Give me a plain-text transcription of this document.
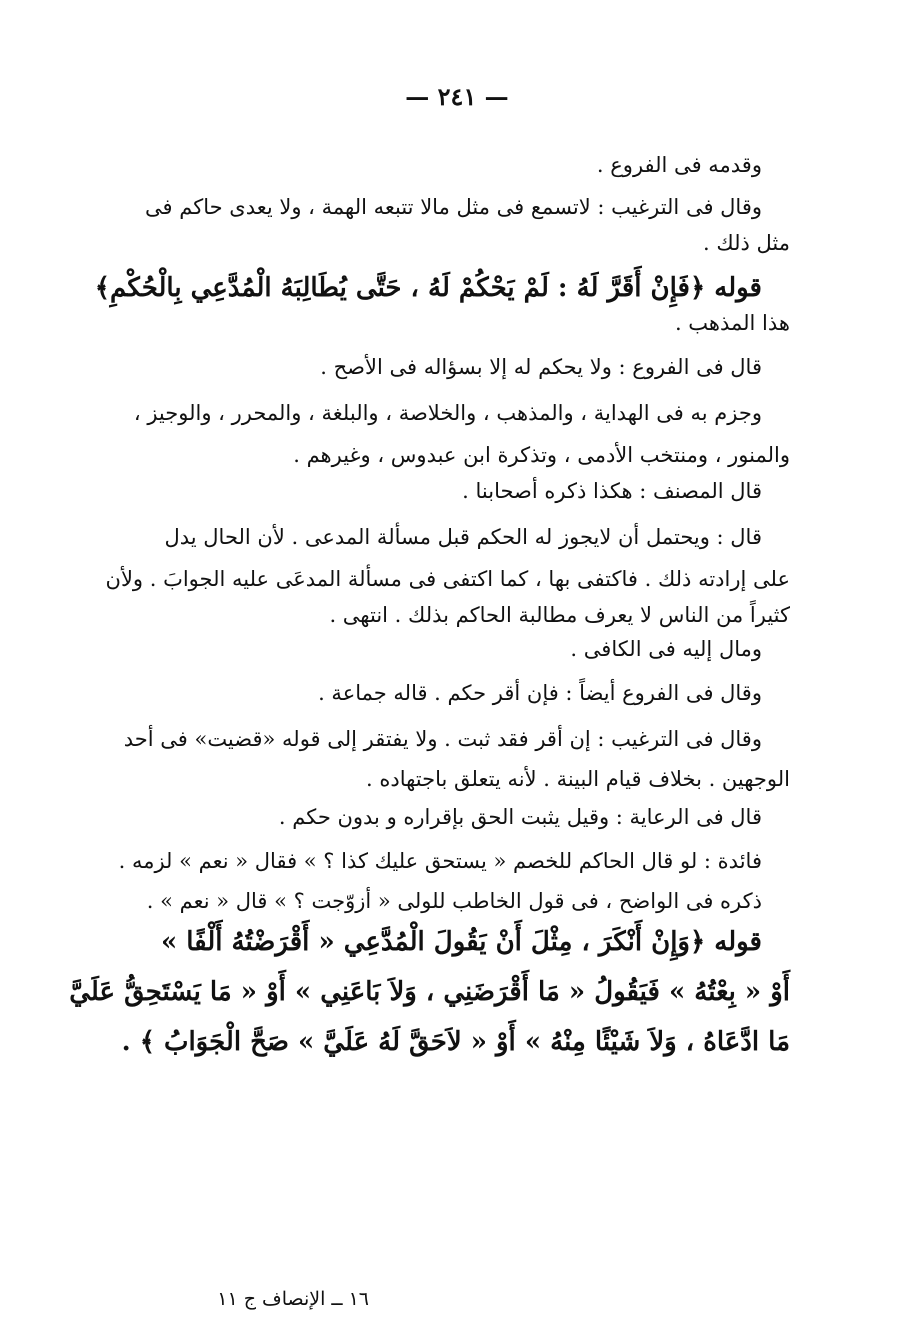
— ٢٤١ —
وقدمه فى الفروع .
وقال فى الترغيب : لاتسمع فى مثل مالا تتبعه الهمة ، ولا يعدى حاكم فى
مثل ذلك .
قوله ﴿فَإِنْ أَقَرَّ لَهُ : لَمْ يَحْكُمْ لَهُ ، حَتَّى يُطَالِبَهُ الْمُدَّعِي بِالْحُكْمِ﴾
هذا المذهب .
قال فى الفروع : ولا يحكم له إلا بسؤاله فى الأصح .
وجزم به فى الهداية ، والمذهب ، والخلاصة ، والبلغة ، والمحرر ، والوجيز ،
والمنور ، ومنتخب الأدمى ، وتذكرة ابن عبدوس ، وغيرهم .
قال المصنف : هكذا ذكره أصحابنا .
قال : ويحتمل أن لايجوز له الحكم قبل مسألة المدعى . لأن الحال يدل
على إرادته ذلك . فاكتفى بها ، كما اكتفى فى مسألة المدعَى عليه الجوابَ . ولأن
كثيراً من الناس لا يعرف مطالبة الحاكم بذلك . انتهى .
ومال إليه فى الكافى .
وقال فى الفروع أيضاً : فإن أقر حكم . قاله جماعة .
وقال فى الترغيب : إن أقر فقد ثبت . ولا يفتقر إلى قوله «قضيت» فى أحد
الوجهين . بخلاف قيام البينة . لأنه يتعلق باجتهاده .
قال فى الرعاية : وقيل يثبت الحق بإقراره و بدون حكم .
فائدة : لو قال الحاكم للخصم « يستحق عليك كذا ؟ » فقال « نعم » لزمه .
ذكره فى الواضح ، فى قول الخاطب للولى « أزوّجت ؟ » قال « نعم » .
قوله ﴿وَإِنْ أَنْكَرَ ، مِثْلَ أَنْ يَقُولَ الْمُدَّعِي « أَقْرَضْتُهُ أَلْفًا »
أَوْ « بِعْتُهُ » فَيَقُولُ « مَا أَقْرَضَنِي ، وَلاَ بَاعَنِي » أَوْ « مَا يَسْتَحِقُّ عَلَيَّ
مَا ادَّعَاهُ ، وَلاَ شَيْئًا مِنْهُ » أَوْ « لاَحَقَّ لَهُ عَلَيَّ » صَحَّ الْجَوَابُ ﴾ .
١٦ ــ الإنصاف ج ١١
